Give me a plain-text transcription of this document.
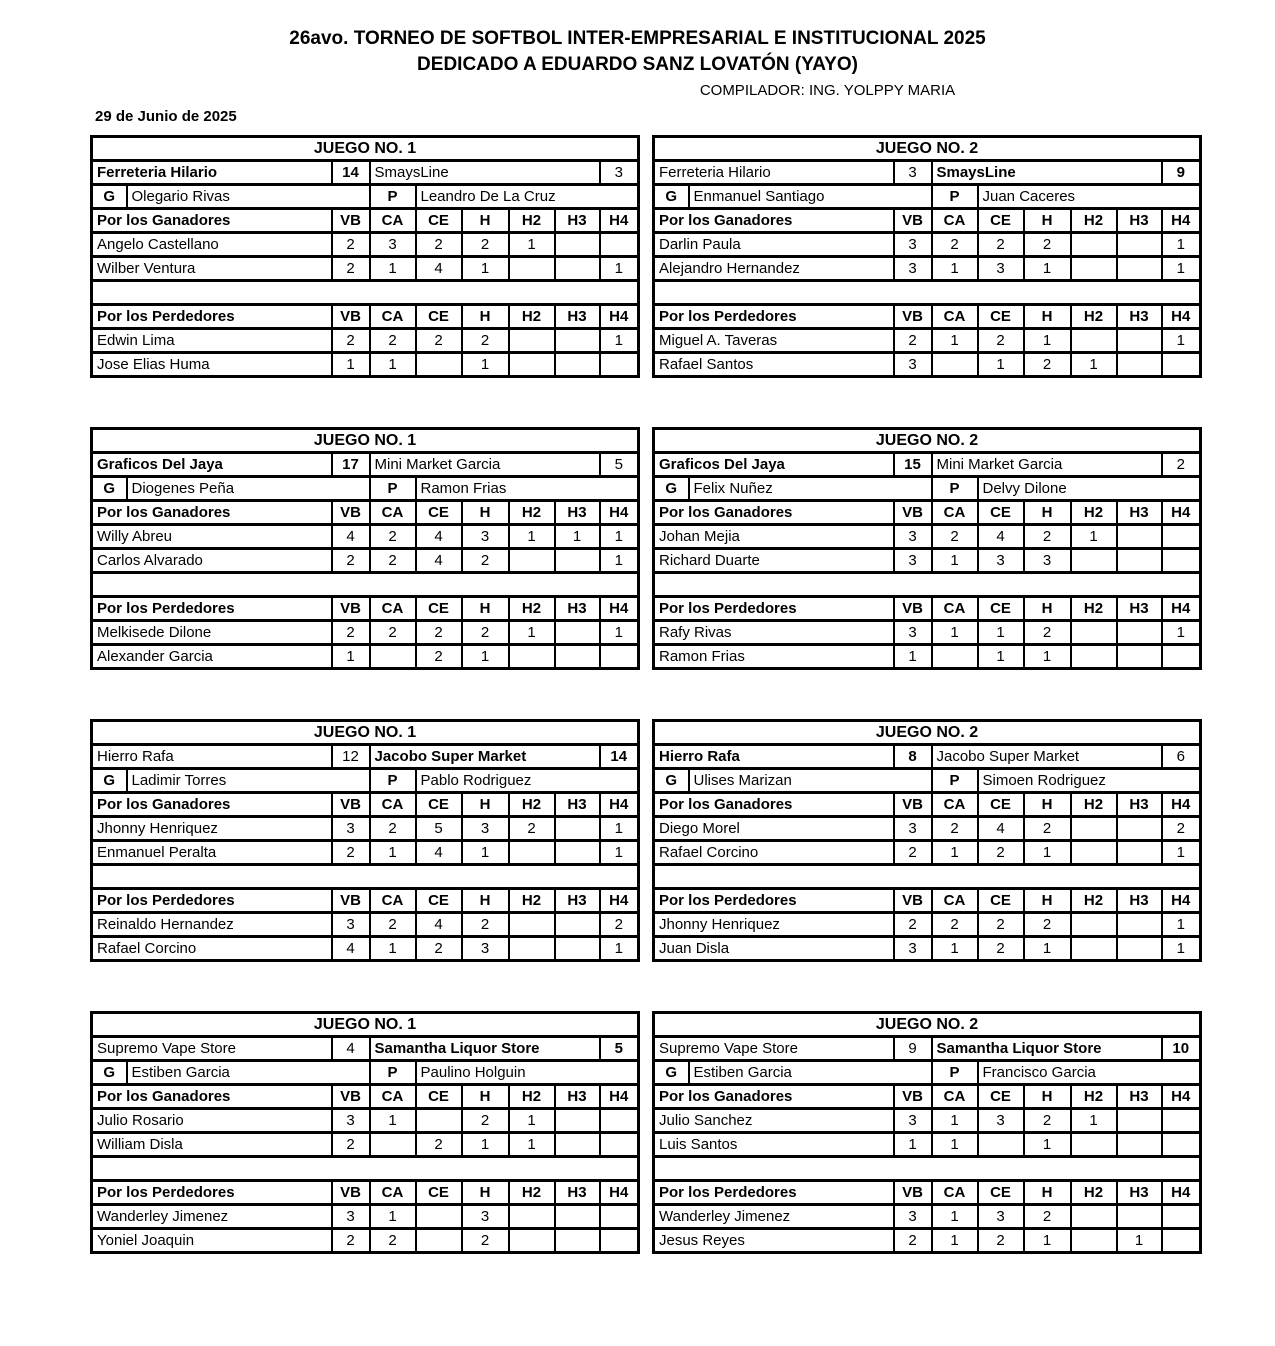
26avo. TORNEO DE SOFTBOL INTER-EMPRESARIAL E INSTITUCIONAL 2025
DEDICADO A EDUARDO SANZ LOVATÓN (YAYO)
COMPILADOR: ING. YOLPPY MARIA
29 de Junio de 2025
JUEGO NO. 1								
Ferreteria Hilario		14	SmaysLine					3
G	Olegario Rivas		P	Leandro De La Cruz				
Por los Ganadores		VB	CA	CE	H	H2	H3	H4
Angelo Castellano		2	3	2	2	1		
Wilber Ventura		2	1	4	1			1

Por los Perdedores		VB	CA	CE	H	H2	H3	H4
Edwin Lima		2	2	2	2			1
Jose Elias Huma		1	1		1			
JUEGO NO. 2								
Ferreteria Hilario		3	SmaysLine					9
G	Enmanuel Santiago		P	Juan Caceres				
Por los Ganadores		VB	CA	CE	H	H2	H3	H4
Darlin Paula		3	2	2	2			1
Alejandro Hernandez		3	1	3	1			1

Por los Perdedores		VB	CA	CE	H	H2	H3	H4
Miguel A. Taveras		2	1	2	1			1
Rafael Santos		3		1	2	1		
JUEGO NO. 1								
Graficos Del Jaya		17	Mini Market Garcia					5
G	Diogenes Peña		P	Ramon Frias				
Por los Ganadores		VB	CA	CE	H	H2	H3	H4
Willy Abreu		4	2	4	3	1	1	1
Carlos Alvarado		2	2	4	2			1

Por los Perdedores		VB	CA	CE	H	H2	H3	H4
Melkisede Dilone		2	2	2	2	1		1
Alexander Garcia		1		2	1			
JUEGO NO. 2								
Graficos Del Jaya		15	Mini Market Garcia					2
G	Felix Nuñez		P	Delvy Dilone				
Por los Ganadores		VB	CA	CE	H	H2	H3	H4
Johan Mejia		3	2	4	2	1		
Richard Duarte		3	1	3	3			

Por los Perdedores		VB	CA	CE	H	H2	H3	H4
Rafy Rivas		3	1	1	2			1
Ramon Frias		1		1	1			
JUEGO NO. 1								
Hierro Rafa		12	Jacobo Super Market					14
G	Ladimir Torres		P	Pablo Rodriguez				
Por los Ganadores		VB	CA	CE	H	H2	H3	H4
Jhonny Henriquez		3	2	5	3	2		1
Enmanuel Peralta		2	1	4	1			1

Por los Perdedores		VB	CA	CE	H	H2	H3	H4
Reinaldo Hernandez		3	2	4	2			2
Rafael Corcino		4	1	2	3			1
JUEGO NO. 2								
Hierro Rafa		8	Jacobo Super Market					6
G	Ulises Marizan		P	Simoen Rodriguez				
Por los Ganadores		VB	CA	CE	H	H2	H3	H4
Diego Morel		3	2	4	2			2
Rafael Corcino		2	1	2	1			1

Por los Perdedores		VB	CA	CE	H	H2	H3	H4
Jhonny Henriquez		2	2	2	2			1
Juan Disla		3	1	2	1			1
JUEGO NO. 1								
Supremo Vape Store		4	Samantha Liquor Store					5
G	Estiben Garcia		P	Paulino Holguin				
Por los Ganadores		VB	CA	CE	H	H2	H3	H4
Julio Rosario		3	1		2	1		
William Disla		2		2	1	1		

Por los Perdedores		VB	CA	CE	H	H2	H3	H4
Wanderley Jimenez		3	1		3			
Yoniel Joaquin		2	2		2			
JUEGO NO. 2								
Supremo Vape Store		9	Samantha Liquor Store					10
G	Estiben Garcia		P	Francisco Garcia				
Por los Ganadores		VB	CA	CE	H	H2	H3	H4
Julio Sanchez		3	1	3	2	1		
Luis Santos		1	1		1			

Por los Perdedores		VB	CA	CE	H	H2	H3	H4
Wanderley Jimenez		3	1	3	2			
Jesus Reyes		2	1	2	1		1	
